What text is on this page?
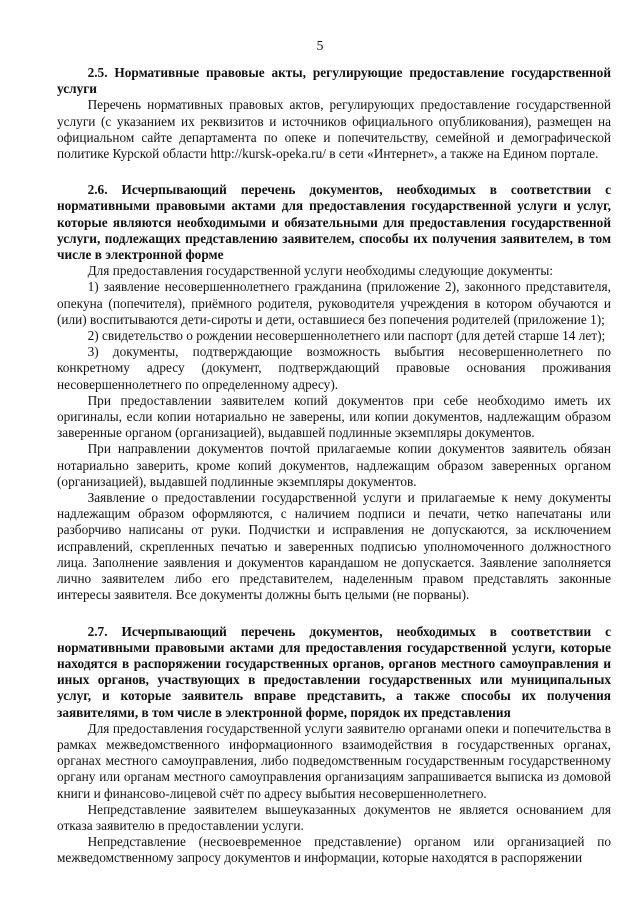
5

2.5. Нормативные правовые акты, регулирующие предоставление государственной услуги

Перечень нормативных правовых актов, регулирующих предоставление государственной услуги (с указанием их реквизитов и источников официального опубликования), размещен на официальном сайте департамента по опеке и попечительству, семейной и демографической политике Курской области http://kursk-opeka.ru/ в сети «Интернет», а также на Едином портале.

2.6. Исчерпывающий перечень документов, необходимых в соответствии с нормативными правовыми актами для предоставления государственной услуги и услуг, которые являются необходимыми и обязательными для предоставления государственной услуги, подлежащих представлению заявителем, способы их получения заявителем, в том числе в электронной форме

Для предоставления государственной услуги необходимы следующие документы:

1) заявление несовершеннолетнего гражданина (приложение 2), законного представителя, опекуна (попечителя), приёмного родителя, руководителя учреждения в котором обучаются и (или) воспитываются дети-сироты и дети, оставшиеся без попечения родителей (приложение 1);

2) свидетельство о рождении несовершеннолетнего или паспорт (для детей старше 14 лет);

3) документы, подтверждающие возможность выбытия несовершеннолетнего по конкретному адресу (документ, подтверждающий правовые основания проживания несовершеннолетнего по определенному адресу).

При предоставлении заявителем копий документов при себе необходимо иметь их оригиналы, если копии нотариально не заверены, или копии документов, надлежащим образом заверенные органом (организацией), выдавшей подлинные экземпляры документов.

При направлении документов почтой прилагаемые копии документов заявитель обязан нотариально заверить, кроме копий документов, надлежащим образом заверенных органом (организацией), выдавшей подлинные экземпляры документов.

Заявление о предоставлении государственной услуги и прилагаемые к нему документы надлежащим образом оформляются, с наличием подписи и печати, четко напечатаны или разборчиво написаны от руки. Подчистки и исправления не допускаются, за исключением исправлений, скрепленных печатью и заверенных подписью уполномоченного должностного лица. Заполнение заявления и документов карандашом не допускается. Заявление заполняется лично заявителем либо его представителем, наделенным правом представлять законные интересы заявителя. Все документы должны быть целыми (не порваны).

2.7. Исчерпывающий перечень документов, необходимых в соответствии с нормативными правовыми актами для предоставления государственной услуги, которые находятся в распоряжении государственных органов, органов местного самоуправления и иных органов, участвующих в предоставлении государственных или муниципальных услуг, и которые заявитель вправе представить, а также способы их получения заявителями, в том числе в электронной форме, порядок их представления

Для предоставления государственной услуги заявителю органами опеки и попечительства в рамках межведомственного информационного взаимодействия в государственных органах, органах местного самоуправления, либо подведомственным государственным государственному органу или органам местного самоуправления организациям запрашивается выписка из домовой книги и финансово-лицевой счёт по адресу выбытия несовершеннолетнего.

Непредставление заявителем вышеуказанных документов не является основанием для отказа заявителю в предоставлении услуги.

Непредставление (несвоевременное представление) органом или организацией по межведомственному запросу документов и информации, которые находятся в распоряжении
